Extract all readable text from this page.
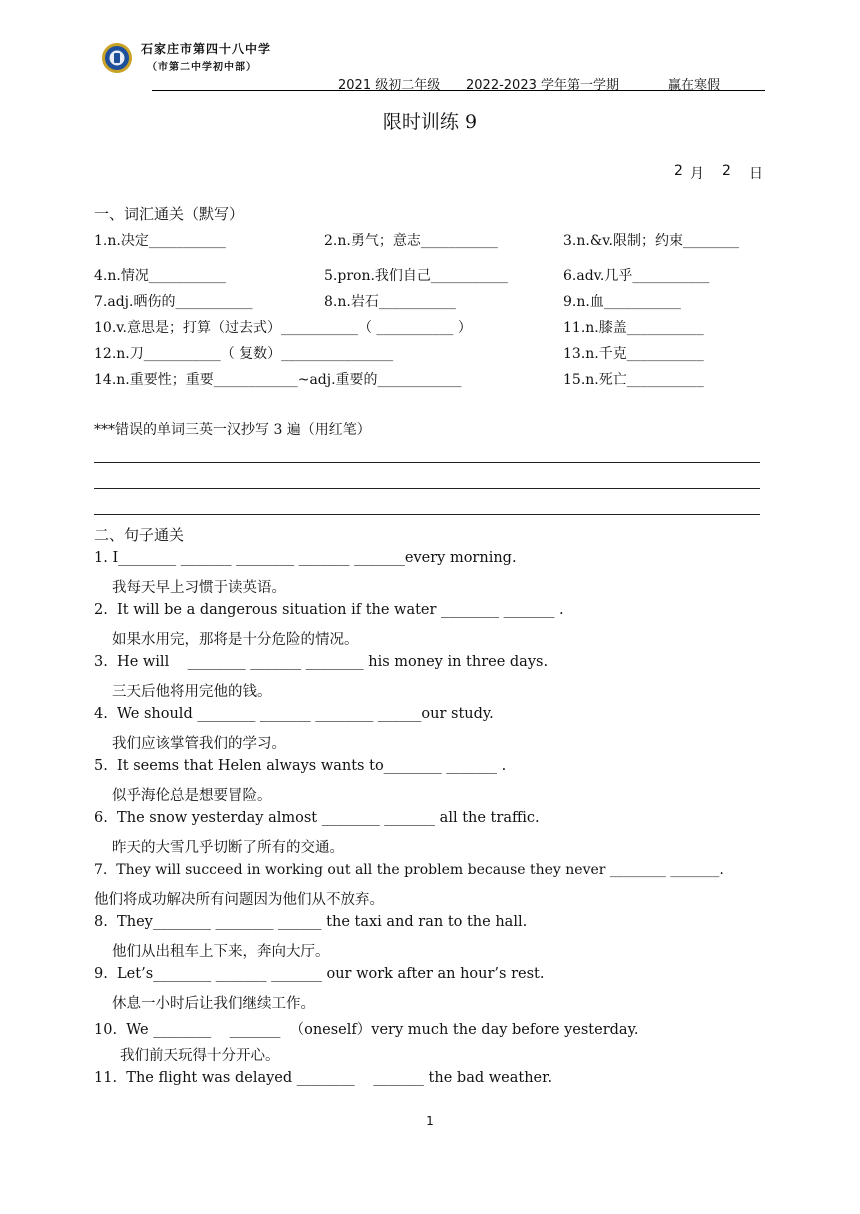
石家庄市第四十八中学
（市第二中学初中部）
2021 级初二年级 2022-2023 学年第一学期	赢在寒假
限时训练 9
2 月 2 日
一、词汇通关（默写）
1.n.决定___________	2.n.勇气；意志___________	3.n.&v.限制；约束________
4.n.情况___________	5.pron.我们自己___________	6.adv.几乎___________
7.adj.晒伤的___________	8.n.岩石___________	9.n.血___________
10.v.意思是；打算（过去式）___________（ ___________ ）	11.n.膝盖___________
12.n.刀___________（ 复数）________________	13.n.千克___________
14.n.重要性；重要____________~adj.重要的____________	15.n.死亡___________
***错误的单词三英一汉抄写 3 遍（用红笔）
二、句子通关
1. I________ _______ ________ _______ _______every morning.
我每天早上习惯于读英语。
2.  It will be a dangerous situation if the water ________ _______ .
如果水用完，那将是十分危险的情况。
3.  He will    ________ _______ ________ his money in three days.
三天后他将用完他的钱。
4.  We should ________ _______ ________ ______our study.
我们应该掌管我们的学习。
5.  It seems that Helen always wants to________ _______ .
似乎海伦总是想要冒险。
6.  The snow yesterday almost ________ _______ all the traffic.
昨天的大雪几乎切断了所有的交通。
7.  They will succeed in working out all the problem because they never ________ _______.
他们将成功解决所有问题因为他们从不放弃。
8.  They________ ________ ______ the taxi and ran to the hall.
他们从出租车上下来，奔向大厅。
9.  Let’s________ _______ _______ our work after an hour’s rest.
休息一小时后让我们继续工作。
10.  We ________    _______  （oneself）very much the day before yesterday.
我们前天玩得十分开心。
11.  The flight was delayed ________    _______ the bad weather.
1
